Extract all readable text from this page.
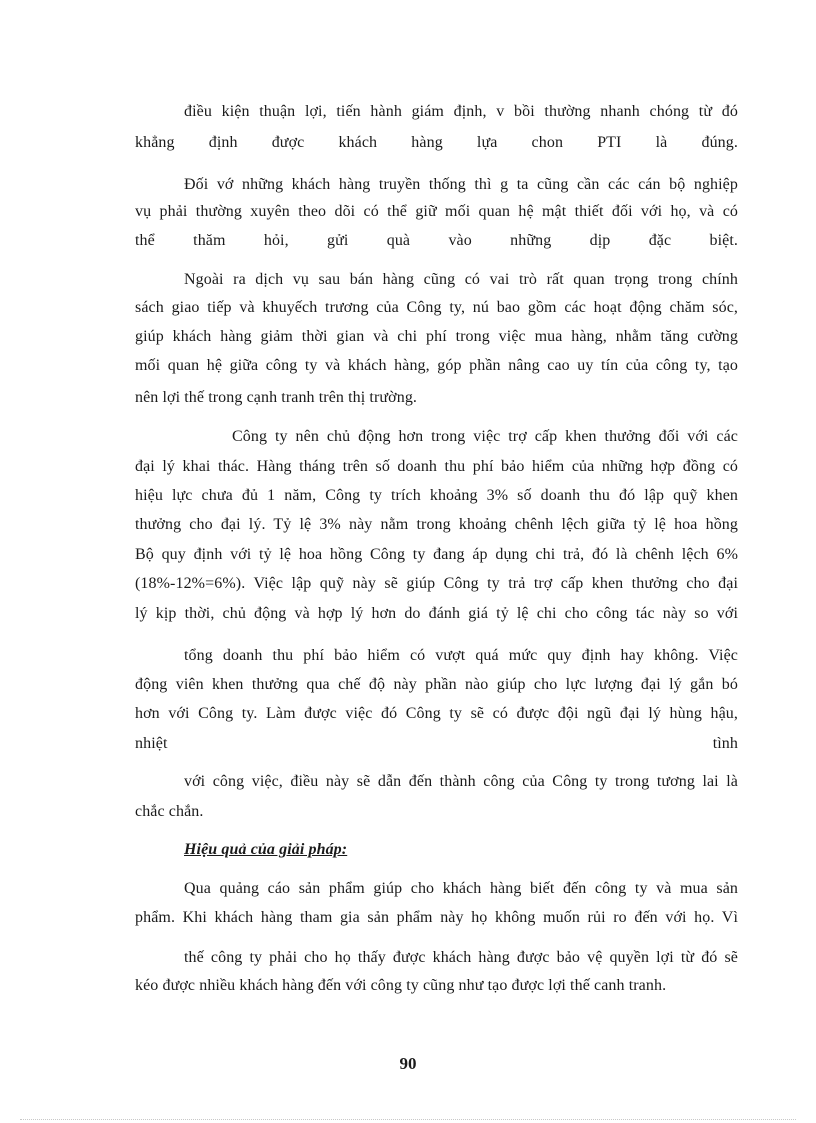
điều kiện thuận lợi, tiến hành giám định, v bồi thường nhanh chóng từ đó
khẳng định được khách hàng lựa chon PTI là đúng.
Đối vớ những khách hàng truyền thống thì g ta cũng cần các cán bộ nghiệp
vụ phải thường xuyên theo dõi có thể giữ mối quan hệ mật thiết đối với họ, và có
thể thăm hỏi, gửi quà vào những dịp đặc biệt.
Ngoài ra dịch vụ sau bán hàng cũng có vai trò rất quan trọng trong chính
sách giao tiếp và khuyếch trương của Công ty, nú bao gồm các hoạt động chăm sóc,
giúp khách hàng giảm thời gian và chi phí trong việc mua hàng, nhằm tăng cường
mối quan hệ giữa công ty và khách hàng, góp phần nâng cao uy tín của công ty, tạo
nên lợi thế trong cạnh tranh trên thị trường.
Công ty nên chủ động hơn trong việc trợ cấp khen thưởng đối với các
đại lý khai thác. Hàng tháng trên số doanh thu phí bảo hiểm của những hợp đồng có
hiệu lực chưa đủ 1 năm, Công ty trích khoảng 3% số doanh thu đó lập quỹ khen
thưởng cho đại lý. Tỷ lệ 3% này nằm trong khoảng chênh lệch giữa tỷ lệ hoa hồng
Bộ quy định với tỷ lệ hoa hồng Công ty đang áp dụng chi trả, đó là chênh lệch 6%
(18%-12%=6%). Việc lập quỹ này sẽ giúp Công ty trả trợ cấp khen thưởng cho đại
lý kịp thời, chủ động và hợp lý hơn do đánh giá tỷ lệ chi cho công tác này so với
tổng doanh thu phí bảo hiểm có vượt quá mức quy định hay không. Việc
động viên khen thưởng qua chế độ này phần nào giúp cho lực lượng đại lý gắn bó
hơn với Công ty. Làm được việc đó Công ty sẽ có được đội ngũ đại lý hùng hậu,
nhiệt tình
với công việc, điều này sẽ dẫn đến thành công của Công ty trong tương lai là
chắc chắn.
Hiệu quả của giải pháp:
Qua quảng cáo sản phẩm giúp cho khách hàng biết đến công ty và mua sản
phẩm. Khi khách hàng tham gia sản phẩm này họ không muốn rủi ro đến với họ. Vì
thế công ty phải cho họ thấy được khách hàng được bảo vệ quyền lợi từ đó sẽ
kéo được nhiều khách hàng đến với công ty cũng như tạo được lợi thế canh tranh.
90
